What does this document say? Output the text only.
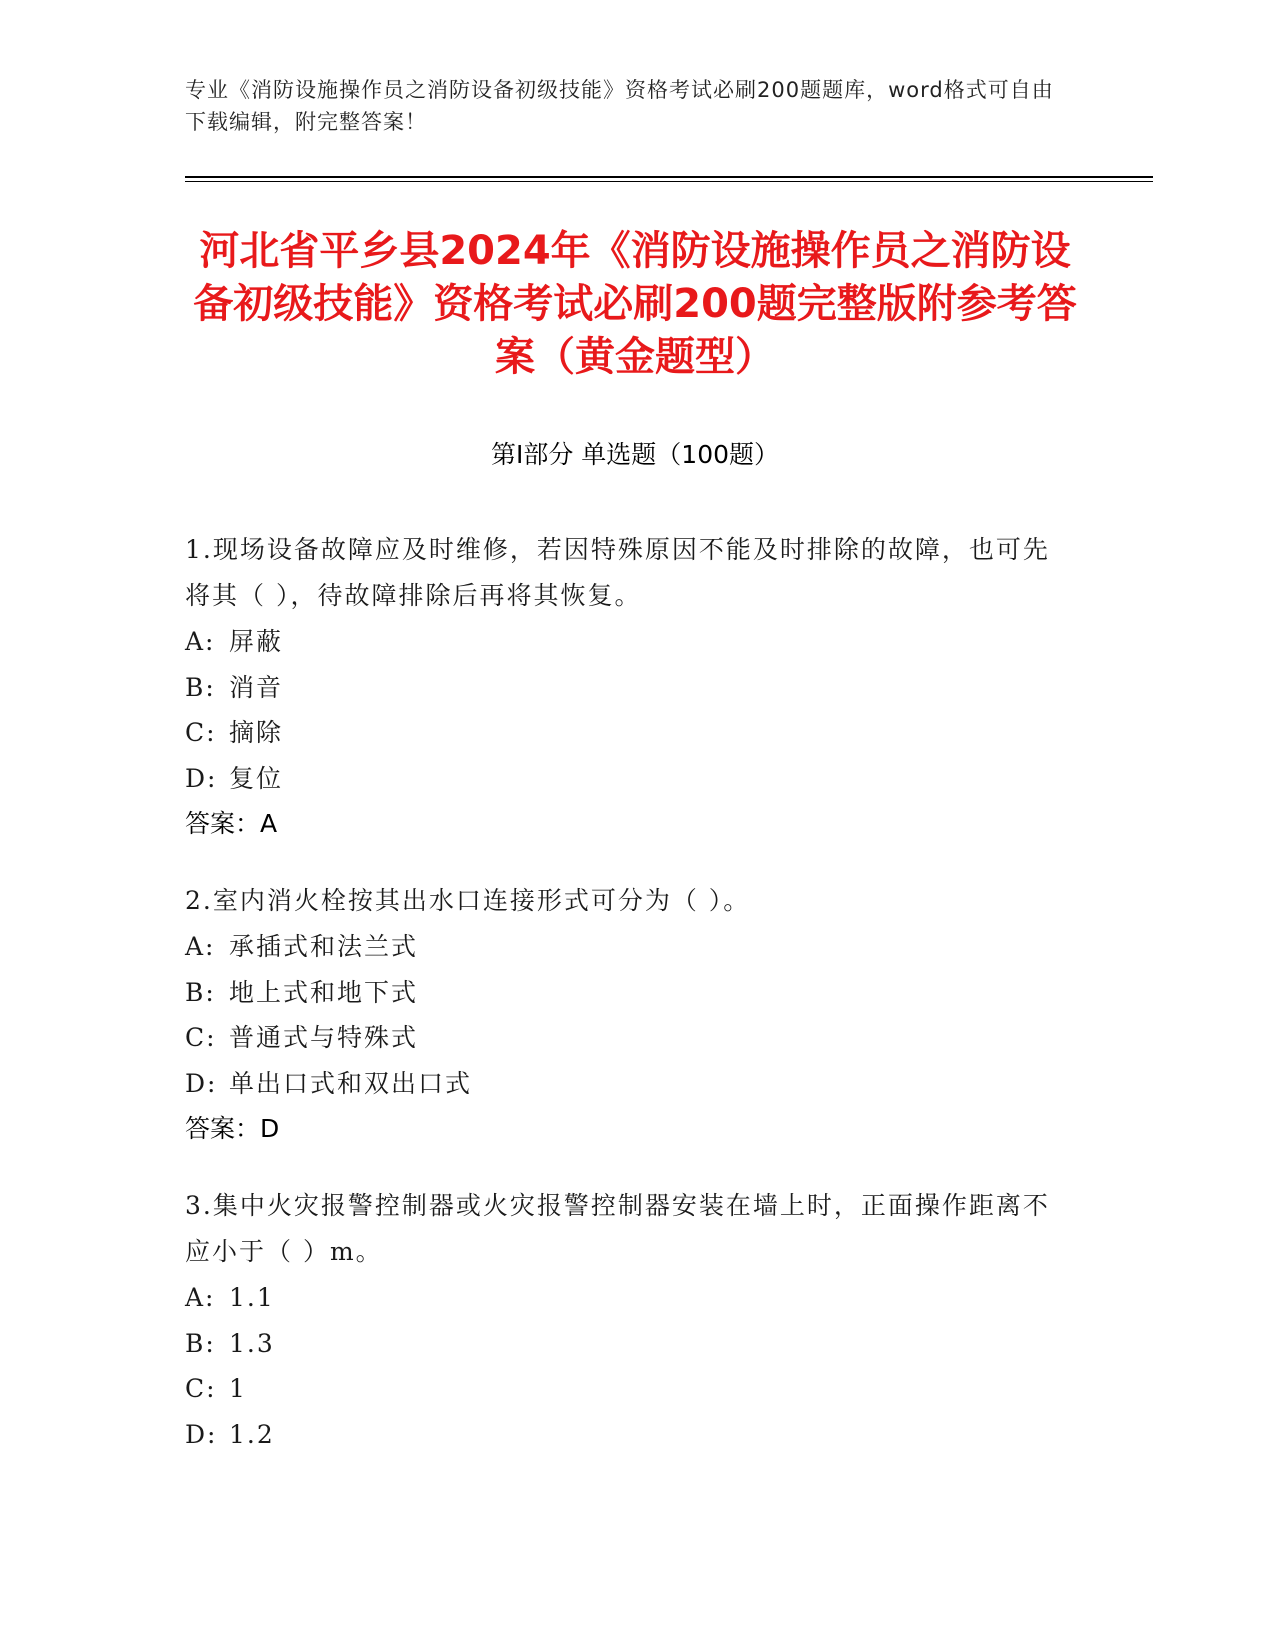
专业《消防设施操作员之消防设备初级技能》资格考试必刷200题题库，word格式可自由下载编辑，附完整答案！
河北省平乡县2024年《消防设施操作员之消防设备初级技能》资格考试必刷200题完整版附参考答案（黄金题型）
第Ⅰ部分 单选题（100题）
1.现场设备故障应及时维修，若因特殊原因不能及时排除的故障，也可先将其（ ），待故障排除后再将其恢复。
A: 屏蔽
B: 消音
C: 摘除
D: 复位
答案：A
2.室内消火栓按其出水口连接形式可分为（ ）。
A: 承插式和法兰式
B: 地上式和地下式
C: 普通式与特殊式
D: 单出口式和双出口式
答案：D
3.集中火灾报警控制器或火灾报警控制器安装在墙上时，正面操作距离不应小于（ ）m。
A: 1.1
B: 1.3
C: 1
D: 1.2
